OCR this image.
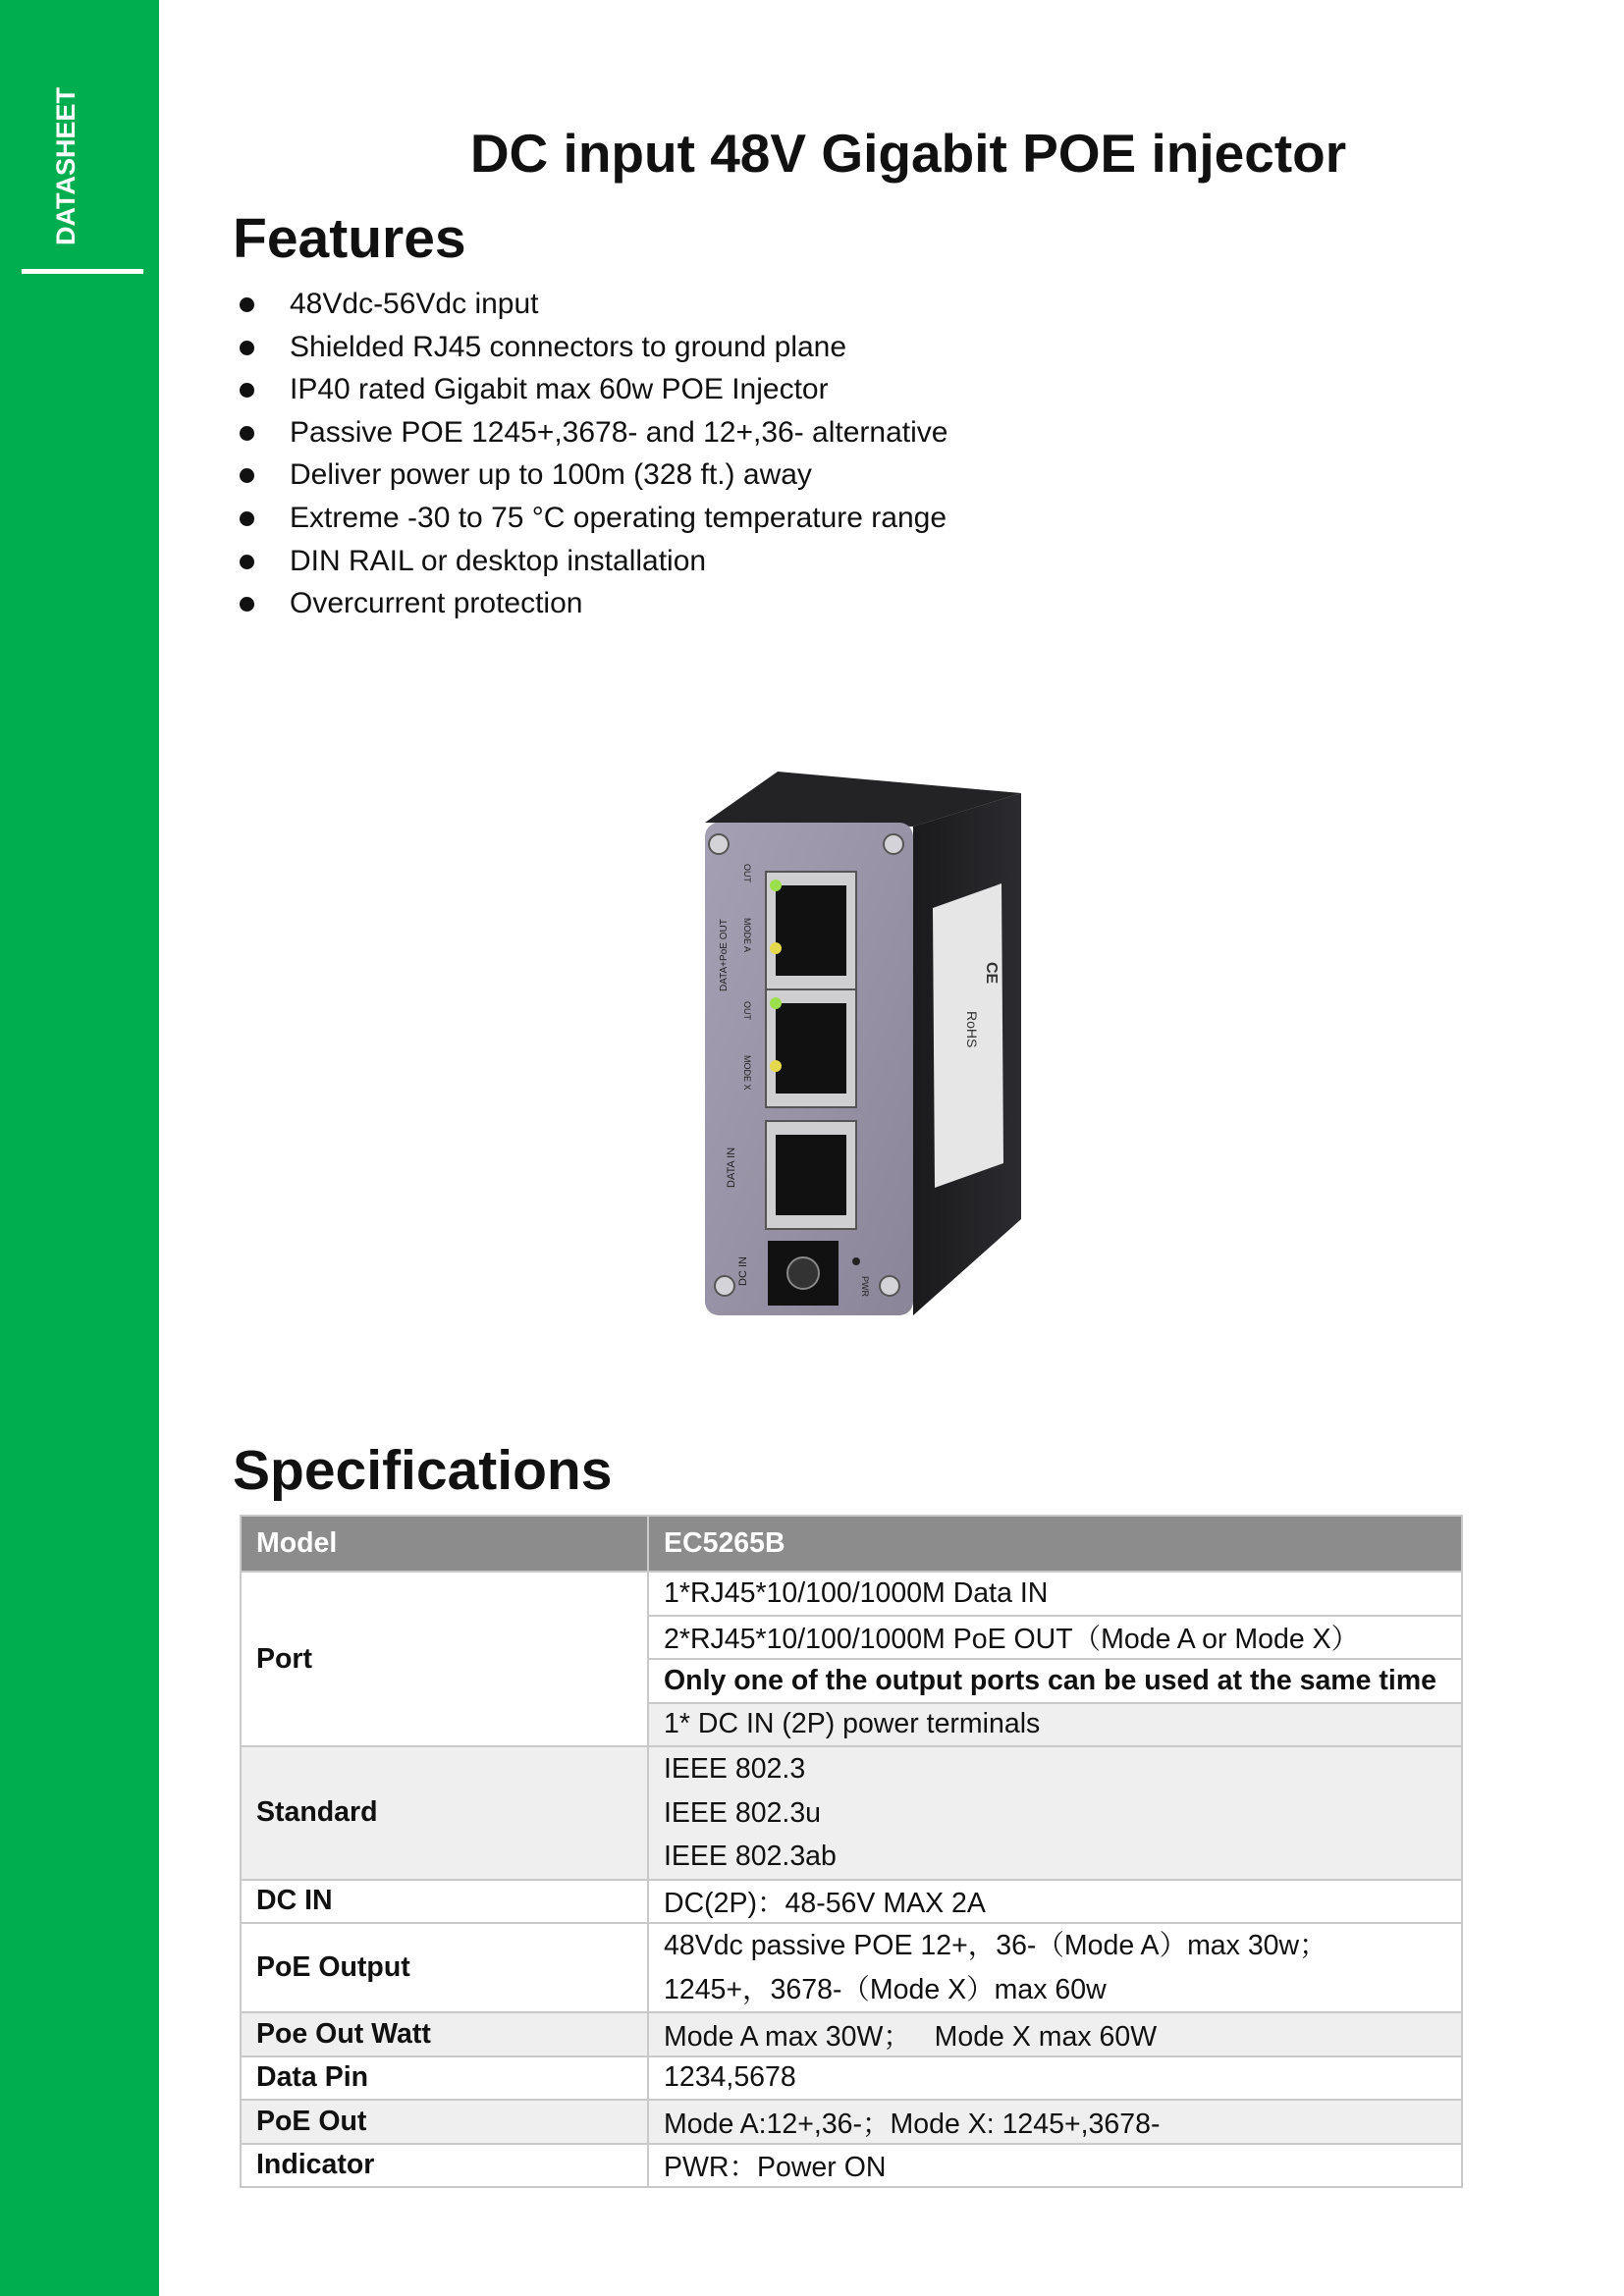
DATASHEET	DC input 48V Gigabit POE injector
Features
48Vdc-56Vdc input
Shielded RJ45 connectors to ground plane
IP40 rated Gigabit max 60w POE Injector
Passive POE 1245+,3678- and 12+,36- alternative
Deliver power up to 100m (328 ft.) away
Extreme -30 to 75 °C operating temperature range
DIN RAIL or desktop installation
Overcurrent protection
RoHS
CE
OUT
MODE A
DATA+PoE OUT
OUT
MODE X
DATA IN
DC IN
PWR
Specifications
Model	EC5265B
Port	1*RJ45*10/100/1000M Data IN
	2*RJ45*10/100/1000M PoE OUT（Mode A or Mode X）
	Only one of the output ports can be used at the same time
	1* DC IN (2P) power terminals
Standard	IEEE 802.3
IEEE 802.3u
IEEE 802.3ab

DC IN	DC(2P)：48-56V MAX 2A
PoE Output	48Vdc passive POE 12+，36-（Mode A）max 30w；
1245+，3678-（Mode X）max 60w

Poe Out Watt	Mode A max 30W；   Mode X max 60W
Data Pin	1234,5678
PoE Out	Mode A:12+,36-；Mode X: 1245+,3678-
Indicator	PWR：Power ON
